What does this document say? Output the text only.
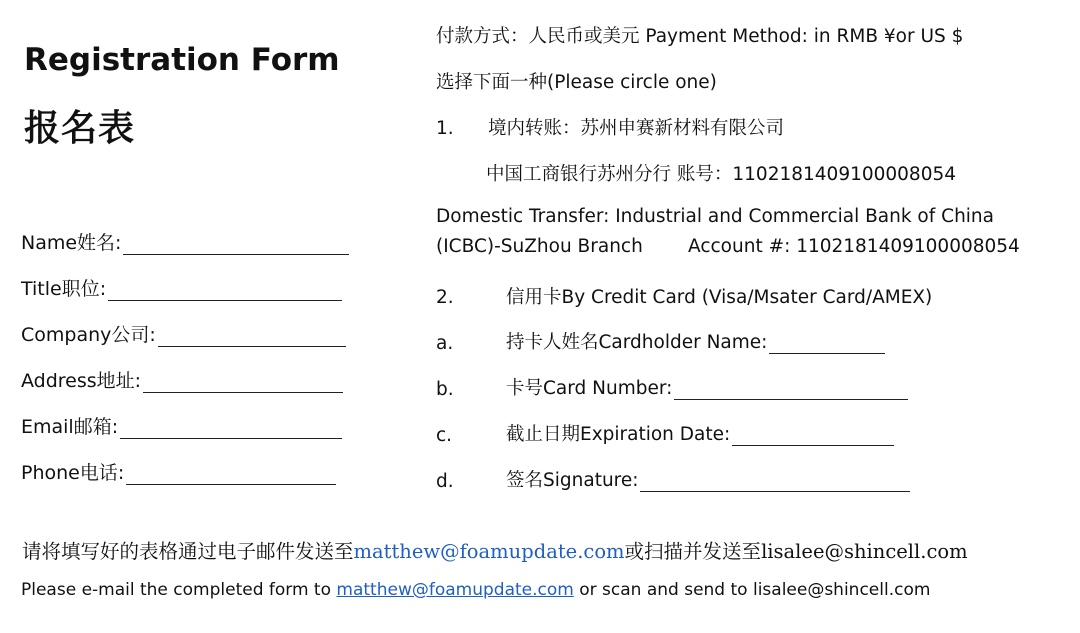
Registration Form
报名表
Name姓名:
Title职位:
Company公司:
Address地址:
Email邮箱:
Phone电话:
付款方式：人民币或美元 Payment Method: in RMB ¥or US $
选择下面一种(Please circle one)
1. 境内转账：苏州申赛新材料有限公司
中国工商银行苏州分行 账号：1102181409100008054
Domestic Transfer: Industrial and Commercial Bank of China
(ICBC)-SuZhou Branch Account #: 1102181409100008054
2.	信用卡By Credit Card (Visa/Msater Card/AMEX)
a.	持卡人姓名Cardholder Name:
b.	卡号Card Number:
c.	截止日期Expiration Date:
d.	签名Signature:
请将填写好的表格通过电子邮件发送至matthew@foamupdate.com或扫描并发送至lisalee@shincell.com
Please e-mail the completed form to matthew@foamupdate.com or scan and send to lisalee@shincell.com
